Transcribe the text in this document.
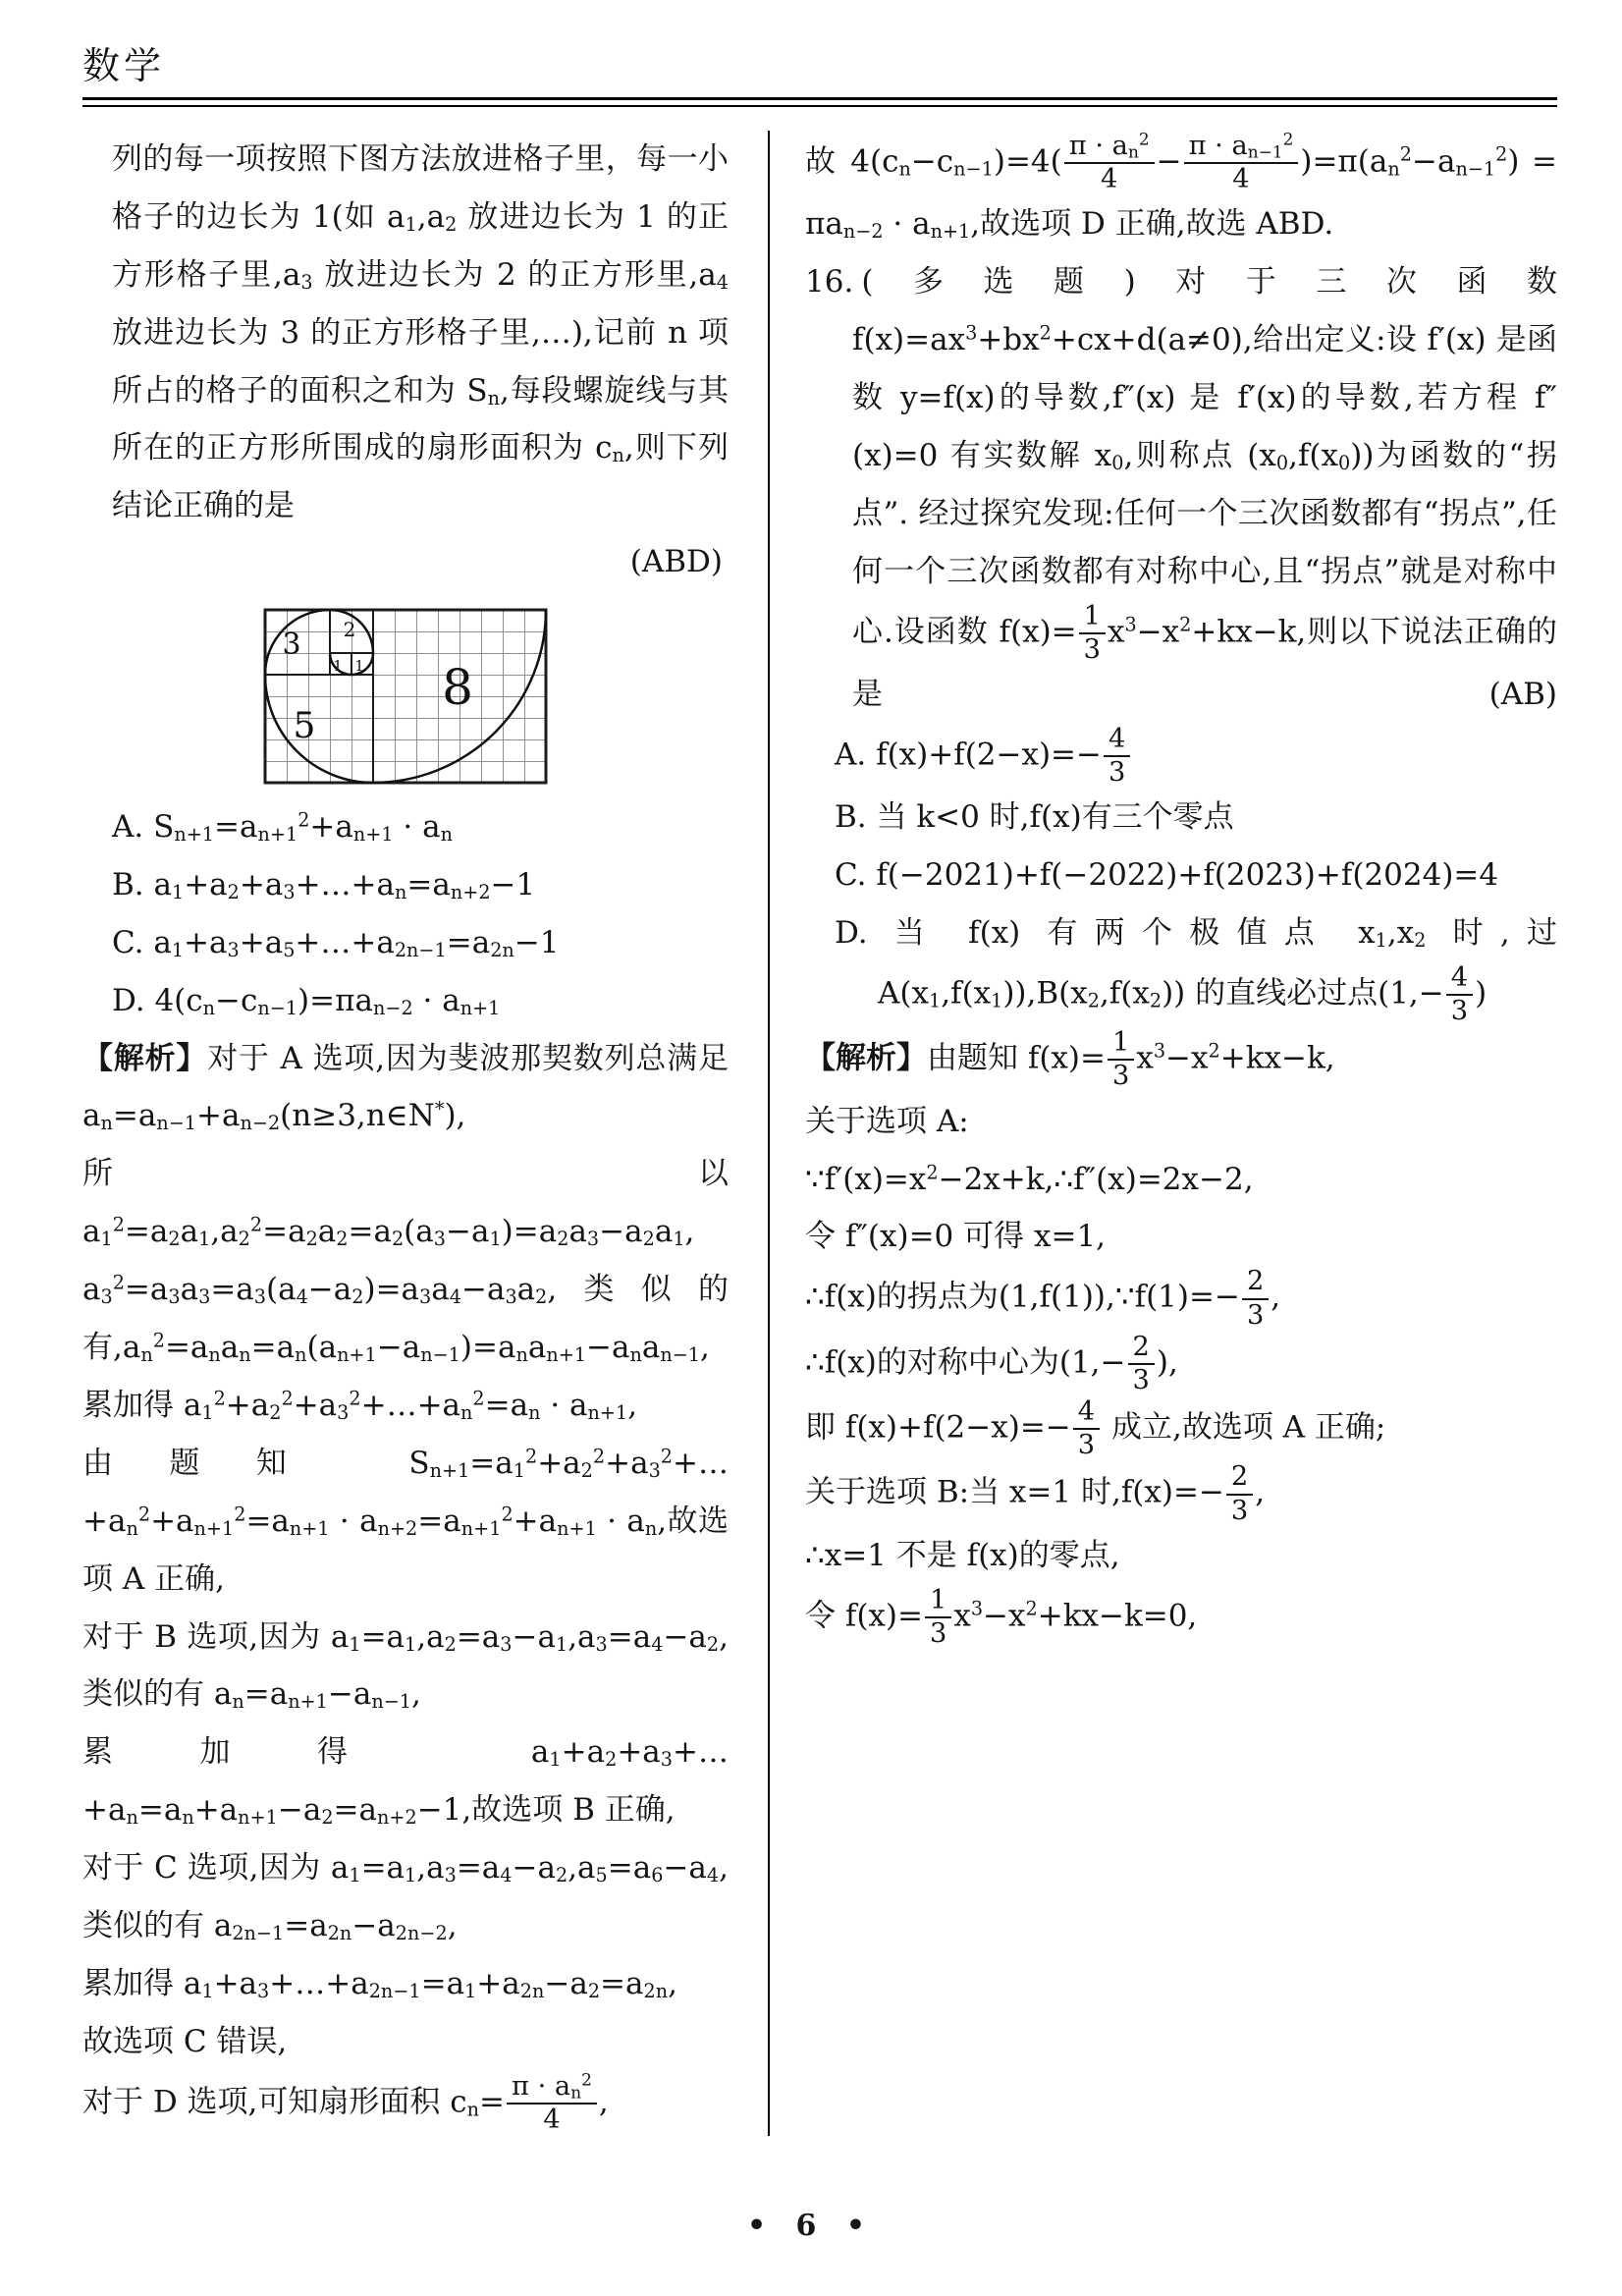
数学

列的每一项按照下图方法放进格子里，每一小格子的边长为 1(如 $a_1,a_2$ 放进边长为 1 的正方形格子里$,a_3$ 放进边长为 2 的正方形里$,a_4$ 放进边长为 3 的正方形格子里,…),记前 n 项所占的格子的面积之和为 $S_n$,每段螺旋线与其所在的正方形所围成的扇形面积为 $c_n$,则下列结论正确的是

(ABD)

3 2
1 1
5
8

A. $S_{n+1}=a_{n+1}^2+a_{n+1} \cdot a_n$

B. $a_1+a_2+a_3+\dots+a_n=a_{n+2}-1$

C. $a_1+a_3+a_5+\dots+a_{2n-1}=a_{2n}-1$

D. $4(c_n-c_{n-1})=\pi a_{n-2} \cdot a_{n+1}$

【解析】对于 A 选项,因为斐波那契数列总满足 $a_n=a_{n-1}+a_{n-2}(n\ge 3,n\in N^*)$,

所以 $a_1^2=a_2a_1,a_2^2=a_2a_2=a_2(a_3-a_1)=a_2a_3-a_2a_1$,

$a_3^2=a_3a_3=a_3(a_4-a_2)=a_3a_4-a_3a_2$,类似的有$,a_n^2=a_na_n=a_n(a_{n+1}-a_{n-1})=a_na_{n+1}-a_na_{n-1}$,

累加得 $a_1^2+a_2^2+a_3^2+\dots+a_n^2=a_n \cdot a_{n+1}$,

由题知 $S_{n+1}=a_1^2+a_2^2+a_3^2+\dots+a_n^2+a_{n+1}^2=a_{n+1} \cdot a_{n+2}=a_{n+1}^2+a_{n+1} \cdot a_n$,故选项 A 正确,

对于 B 选项,因为 $a_1=a_1,a_2=a_3-a_1,a_3=a_4-a_2$,类似的有 $a_n=a_{n+1}-a_{n-1}$,

累加得 $a_1+a_2+a_3+\dots+a_n=a_n+a_{n+1}-a_2=a_{n+2}-1$,故选项 B 正确,

对于 C 选项,因为 $a_1=a_1,a_3=a_4-a_2,a_5=a_6-a_4$,类似的有 $a_{2n-1}=a_{2n}-a_{2n-2}$,

累加得 $a_1+a_3+\dots+a_{2n-1}=a_1+a_{2n}-a_2=a_{2n}$,

故选项 C 错误,

对于 D 选项,可知扇形面积 $c_n= \frac{\pi \cdot a_n^2}{4}$ ,

故 $4(c_n-c_{n-1})=4( \frac{\pi \cdot a_n^2}{4} - \frac{\pi \cdot a_{n-1}^2}{4} )=\pi(a_n^2-a_{n-1}^2) = \pi a_{n-2} \cdot a_{n+1}$,故选项 D 正确,故选 ABD.

16. (多选题)对于三次函数 $f(x)=ax^3+bx^2+cx+d(a\ne 0)$,给出定义:设 f′(x) 是函数 y=f(x)的导数,f″(x) 是 f′(x)的导数,若方程 f″(x)=0 有实数解 $x_0$,则称点 $(x_0,f(x_0))$为函数的“拐点”. 经过探究发现:任何一个三次函数都有“拐点”,任何一个三次函数都有对称中心,且“拐点”就是对称中心.设函数 $f(x)= \frac{1}{3} x^3-x^2+kx-k$,则以下说法正确的是	(AB)

A. $f(x)+f(2-x)=- \frac{4}{3}$

B. 当 k<0 时,f(x)有三个零点

C. f(−2021)+f(−2022)+f(2023)+f(2024)=4

D. 当 f(x) 有两个极值点 $x_1,x_2$ 时,过 $A(x_1,f(x_1)),B(x_2,f(x_2))$ 的直线必过点($1,- \frac{4}{3}$ )

【解析】由题知 $f(x)= \frac{1}{3} x^3-x^2+kx-k$,

关于选项 A:

$\because f'(x)=x^2-2x+k,\therefore f''(x)=2x-2$,

令 f″(x)=0 可得 x=1,

∴f(x)的拐点为(1,f(1)),∵f(1)=− $\frac{2}{3}$ ,

∴f(x)的对称中心为($1,- \frac{2}{3}$ ),

即 $f(x)+f(2-x)=- \frac{4}{3}$ 成立,故选项 A 正确;

关于选项 B:当 x=1 时$,f(x)=- \frac{2}{3}$ ,

∴x=1 不是 f(x)的零点,

令 $f(x)= \frac{1}{3} x^3-x^2+kx-k=0$,

• 6 •
